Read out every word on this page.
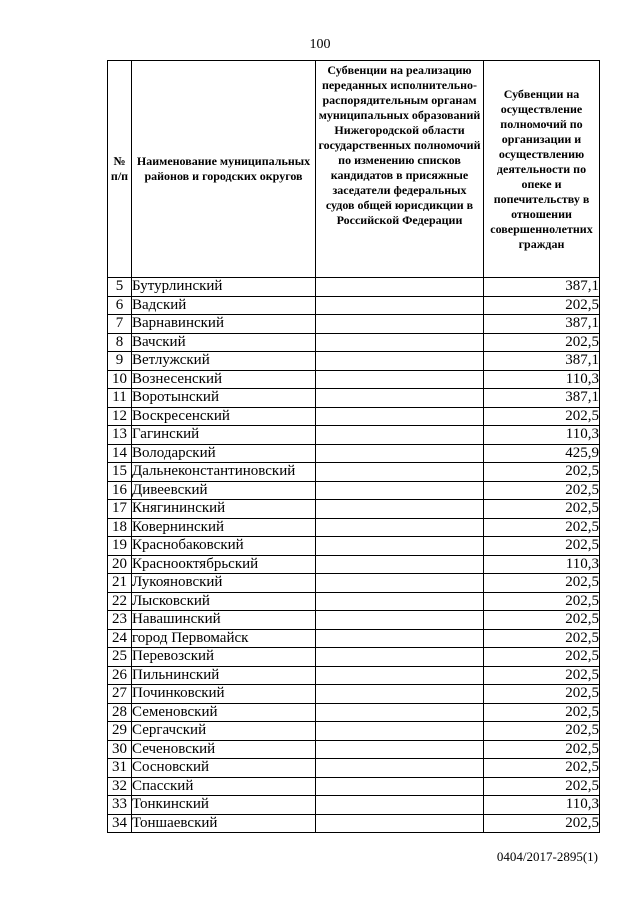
100
№ п/п	Наименование муниципальных районов и городских округов	Субвенции на реализацию переданных исполнительно-распорядительным органам муниципальных образований Нижегородской области государственных полномочий по изменению списков кандидатов в присяжные заседатели федеральных судов общей юрисдикции в Российской Федерации	Субвенции на осуществление полномочий по организации и осуществлению деятельности по опеке и попечительству в отношении совершеннолетних граждан
5	Бутурлинский		387,1
6	Вадский		202,5
7	Варнавинский		387,1
8	Вачский		202,5
9	Ветлужский		387,1
10	Вознесенский		110,3
11	Воротынский		387,1
12	Воскресенский		202,5
13	Гагинский		110,3
14	Володарский		425,9
15	Дальнеконстантиновский		202,5
16	Дивеевский		202,5
17	Княгининский		202,5
18	Ковернинский		202,5
19	Краснобаковский		202,5
20	Краснооктябрьский		110,3
21	Лукояновский		202,5
22	Лысковский		202,5
23	Навашинский		202,5
24	город Первомайск		202,5
25	Перевозский		202,5
26	Пильнинский		202,5
27	Починковский		202,5
28	Семеновский		202,5
29	Сергачский		202,5
30	Сеченовский		202,5
31	Сосновский		202,5
32	Спасский		202,5
33	Тонкинский		110,3
34	Тоншаевский		202,5
0404/2017-2895(1)
